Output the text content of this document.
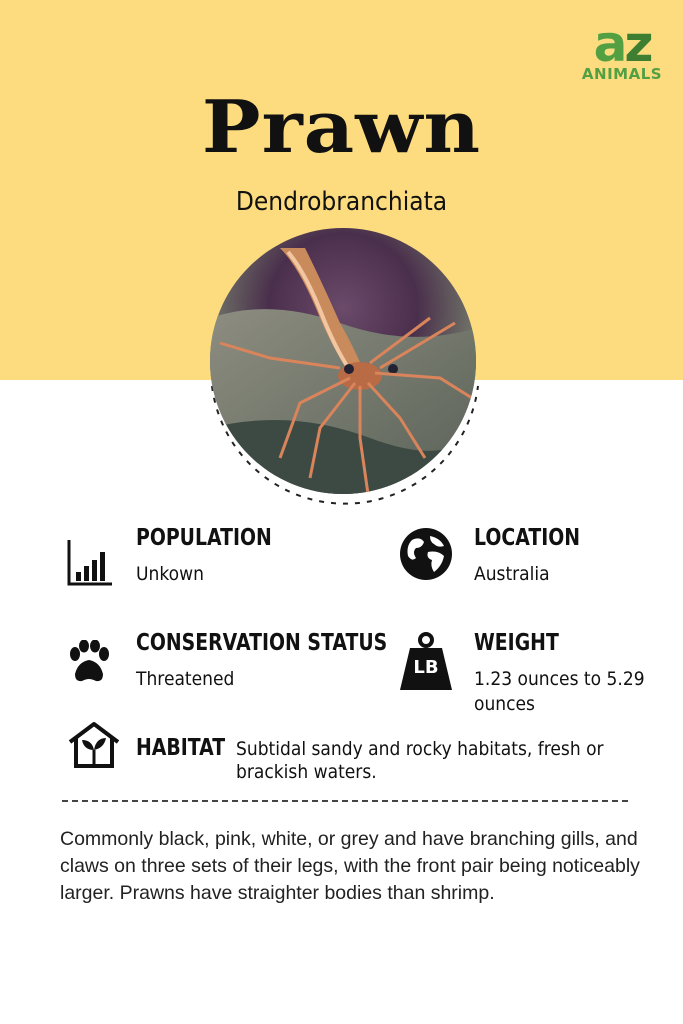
az
ANIMALS
Prawn
Dendrobranchiata
POPULATION
Unkown
LOCATION
Australia
CONSERVATION STATUS
Threatened
LB
WEIGHT
1.23 ounces to 5.29
ounces
HABITAT Subtidal sandy and rocky habitats, fresh or
brackish waters.
Commonly black, pink, white, or grey and have branching gills, and claws on three sets of their legs, with the front pair being noticeably larger. Prawns have straighter bodies than shrimp.
